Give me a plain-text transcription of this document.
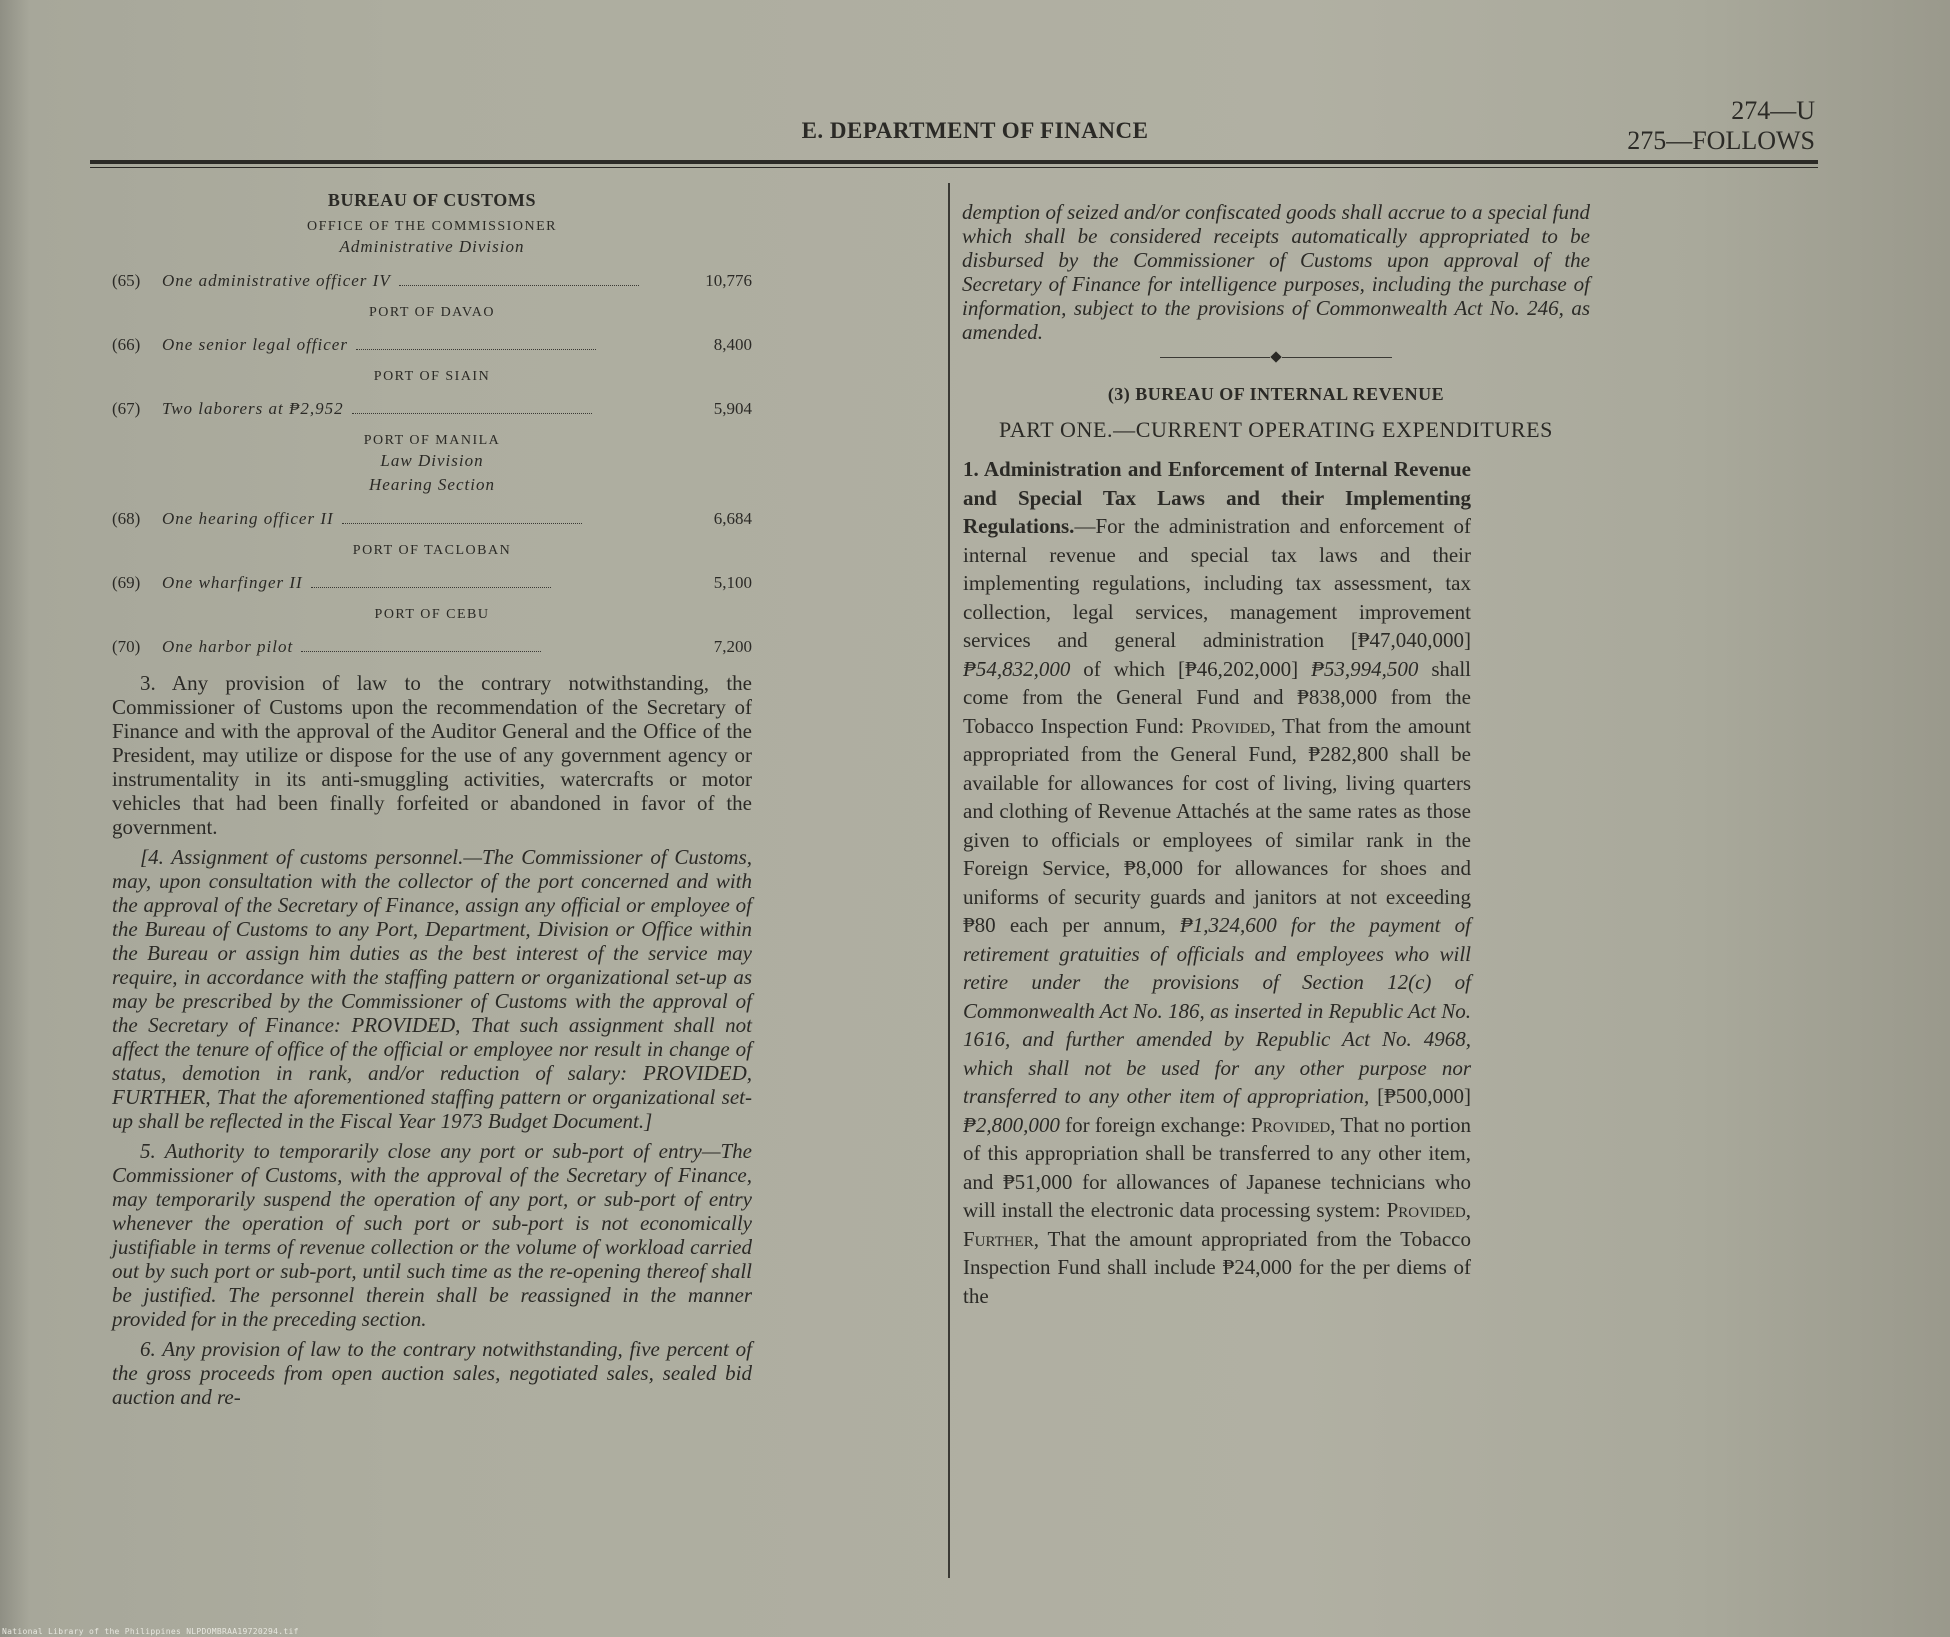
E. DEPARTMENT OF FINANCE
274—U
275—FOLLOWS
BUREAU OF CUSTOMS
OFFICE OF THE COMMISSIONER
Administrative Division
(65)	One administrative officer IV	10,776
PORT OF DAVAO
(66)	One senior legal officer	8,400
PORT OF SIAIN
(67)	Two laborers at ₱2,952	5,904
PORT OF MANILA
Law Division
Hearing Section
(68)	One hearing officer II	6,684
PORT OF TACLOBAN
(69)	One wharfinger II	5,100
PORT OF CEBU
(70)	One harbor pilot	7,200

3. Any provision of law to the contrary notwithstanding, the Commissioner of Customs upon the recommendation of the Secretary of Finance and with the approval of the Auditor General and the Office of the President, may utilize or dispose for the use of any government agency or instrumentality in its anti-smuggling activities, watercrafts or motor vehicles that had been finally forfeited or abandoned in favor of the government.

[4. Assignment of customs personnel.—The Commissioner of Customs, may, upon consultation with the collector of the port concerned and with the approval of the Secretary of Finance, assign any official or employee of the Bureau of Customs to any Port, Department, Division or Office within the Bureau or assign him duties as the best interest of the service may require, in accordance with the staffing pattern or organizational set-up as may be prescribed by the Commissioner of Customs with the approval of the Secretary of Finance: PROVIDED, That such assignment shall not affect the tenure of office of the official or employee nor result in change of status, demotion in rank, and/or reduction of salary: PROVIDED, FURTHER, That the aforementioned staffing pattern or organizational set-up shall be reflected in the Fiscal Year 1973 Budget Document.]

5. Authority to temporarily close any port or sub-port of entry—The Commissioner of Customs, with the approval of the Secretary of Finance, may temporarily suspend the operation of any port, or sub-port of entry whenever the operation of such port or sub-port is not economically justifiable in terms of revenue collection or the volume of workload carried out by such port or sub-port, until such time as the re-opening thereof shall be justified. The personnel therein shall be reassigned in the manner provided for in the preceding section.

6. Any provision of law to the contrary notwithstanding, five percent of the gross proceeds from open auction sales, negotiated sales, sealed bid auction and re-

demption of seized and/or confiscated goods shall accrue to a special fund which shall be considered receipts automatically appropriated to be disbursed by the Commissioner of Customs upon approval of the Secretary of Finance for intelligence purposes, including the purchase of information, subject to the provisions of Commonwealth Act No. 246, as amended.

(3) BUREAU OF INTERNAL REVENUE
PART ONE.—CURRENT OPERATING EXPENDITURES
1. Administration and Enforcement of Internal Revenue and Special Tax Laws and their Implementing Regulations.—For the administration and enforcement of internal revenue and special tax laws and their implementing regulations, including tax assessment, tax collection, legal services, management improvement services and general administration [₱47,040,000] ₱54,832,000 of which [₱46,202,000] ₱53,994,500 shall come from the General Fund and ₱838,000 from the Tobacco Inspection Fund: Provided, That from the amount appropriated from the General Fund, ₱282,800 shall be available for allowances for cost of living, living quarters and clothing of Revenue Attachés at the same rates as those given to officials or employees of similar rank in the Foreign Service, ₱8,000 for allowances for shoes and uniforms of security guards and janitors at not exceeding ₱80 each per annum, ₱1,324,600 for the payment of retirement gratuities of officials and employees who will retire under the provisions of Section 12(c) of Commonwealth Act No. 186, as inserted in Republic Act No. 1616, and further amended by Republic Act No. 4968, which shall not be used for any other purpose nor transferred to any other item of appropriation, [₱500,000] ₱2,800,000 for foreign exchange: Provided, That no portion of this appropriation shall be transferred to any other item, and ₱51,000 for allowances of Japanese technicians who will install the electronic data processing system: Provided, Further, That the amount appropriated from the Tobacco Inspection Fund shall include ₱24,000 for the per diems of the
National Library of the Philippines NLPDOMBRAA19720294.tif
